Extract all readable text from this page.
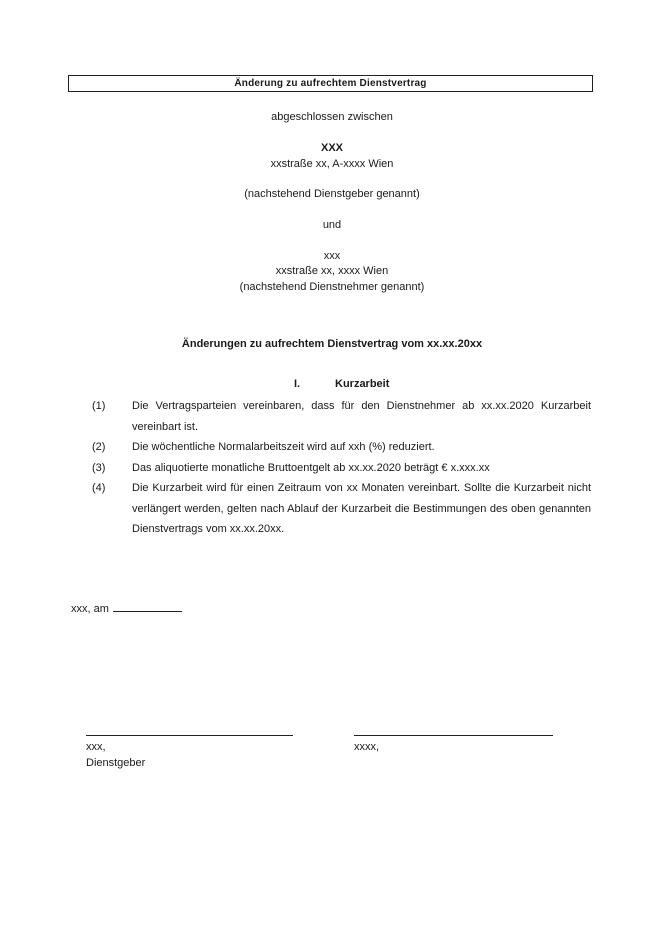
Änderung zu aufrechtem Dienstvertrag
abgeschlossen zwischen
XXX
xxstraße xx, A-xxxx Wien
(nachstehend Dienstgeber genannt)
und
xxx
xxstraße xx, xxxx Wien
(nachstehend Dienstnehmer genannt)
Änderungen zu aufrechtem Dienstvertrag vom xx.xx.20xx
I.	Kurzarbeit
(1)	Die Vertragsparteien vereinbaren, dass für den Dienstnehmer ab xx.xx.2020 Kurzarbeit vereinbart ist.
(2)	Die wöchentliche Normalarbeitszeit wird auf xxh (%) reduziert.
(3)	Das aliquotierte monatliche Bruttoentgelt ab xx.xx.2020 beträgt € x.xxx.xx
(4)	Die Kurzarbeit wird für einen Zeitraum von xx Monaten vereinbart. Sollte die Kurzarbeit nicht verlängert werden, gelten nach Ablauf der Kurzarbeit die Bestimmungen des oben genannten Dienstvertrags vom xx.xx.20xx.
xxx, am
xxx,
Dienstgeber
xxxx,
